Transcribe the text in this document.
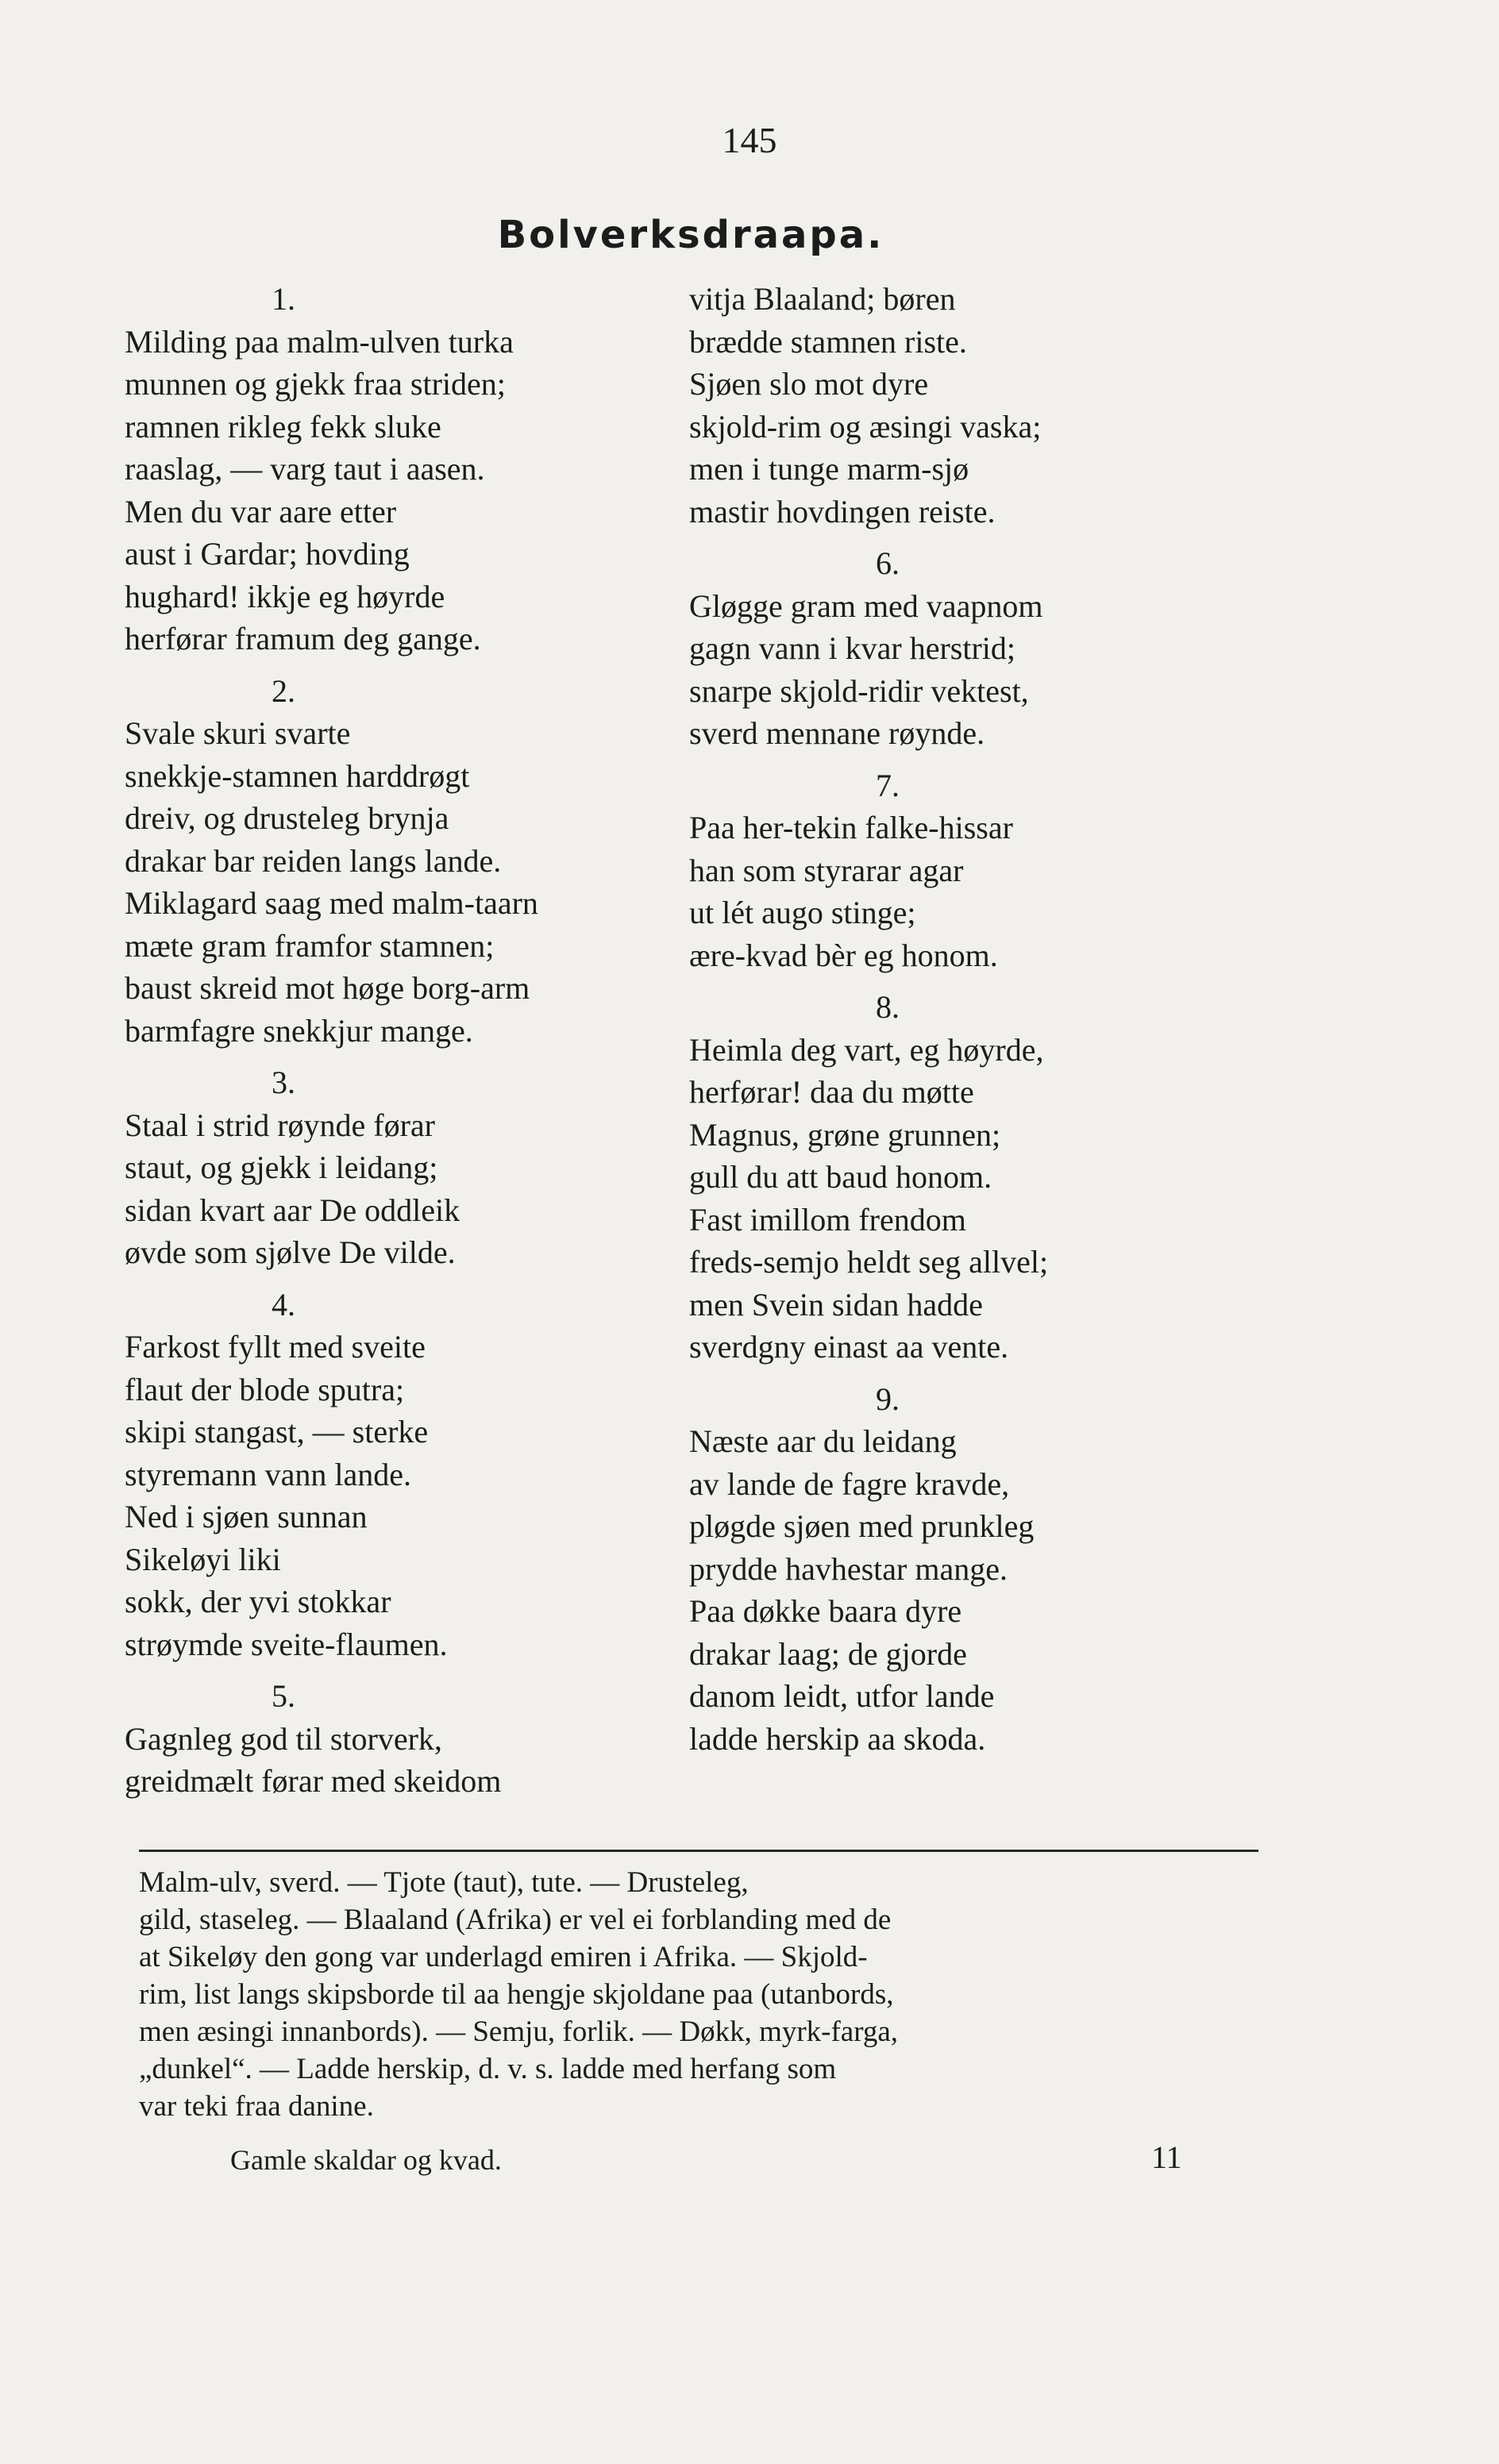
145
Bolverksdraapa.
1.
Milding paa malm-ulven turka
munnen og gjekk fraa striden;
ramnen rikleg fekk sluke
raaslag, — varg taut i aasen.
Men du var aare etter
aust i Gardar; hovding
hughard! ikkje eg høyrde
herførar framum deg gange.
2.
Svale skuri svarte
snekkje-stamnen harddrøgt
dreiv, og drusteleg brynja
drakar bar reiden langs lande.
Miklagard saag med malm-taarn
mæte gram framfor stamnen;
baust skreid mot høge borg-arm
barmfagre snekkjur mange.
3.
Staal i strid røynde førar
staut, og gjekk i leidang;
sidan kvart aar De oddleik
øvde som sjølve De vilde.
4.
Farkost fyllt med sveite
flaut der blode sputra;
skipi stangast, — sterke
styremann vann lande.
Ned i sjøen sunnan
Sikeløyi liki
sokk, der yvi stokkar
strøymde sveite-flaumen.
5.
Gagnleg god til storverk,
greidmælt førar med skeidom
vitja Blaaland; børen
brædde stamnen riste.
Sjøen slo mot dyre
skjold-rim og æsingi vaska;
men i tunge marm-sjø
mastir hovdingen reiste.
6.
Gløgge gram med vaapnom
gagn vann i kvar herstrid;
snarpe skjold-ridir vektest,
sverd mennane røynde.
7.
Paa her-tekin falke-hissar
han som styrarar agar
ut lét augo stinge;
ære-kvad bèr eg honom.
8.
Heimla deg vart, eg høyrde,
herførar! daa du møtte
Magnus, grøne grunnen;
gull du att baud honom.
Fast imillom frendom
freds-semjo heldt seg allvel;
men Svein sidan hadde
sverdgny einast aa vente.
9.
Næste aar du leidang
av lande de fagre kravde,
pløgde sjøen med prunkleg
prydde havhestar mange.
Paa døkke baara dyre
drakar laag; de gjorde
danom leidt, utfor lande
ladde herskip aa skoda.
Malm-ulv, sverd. — Tjote (taut), tute. — Drusteleg,
gild, staseleg. — Blaaland (Afrika) er vel ei forblanding med de
at Sikeløy den gong var underlagd emiren i Afrika. — Skjold-
rim, list langs skipsborde til aa hengje skjoldane paa (utanbords,
men æsingi innanbords). — Semju, forlik. — Døkk, myrk-farga,
„dunkel“. — Ladde herskip, d. v. s. ladde med herfang som
var teki fraa danine.
Gamle skaldar og kvad.	11
